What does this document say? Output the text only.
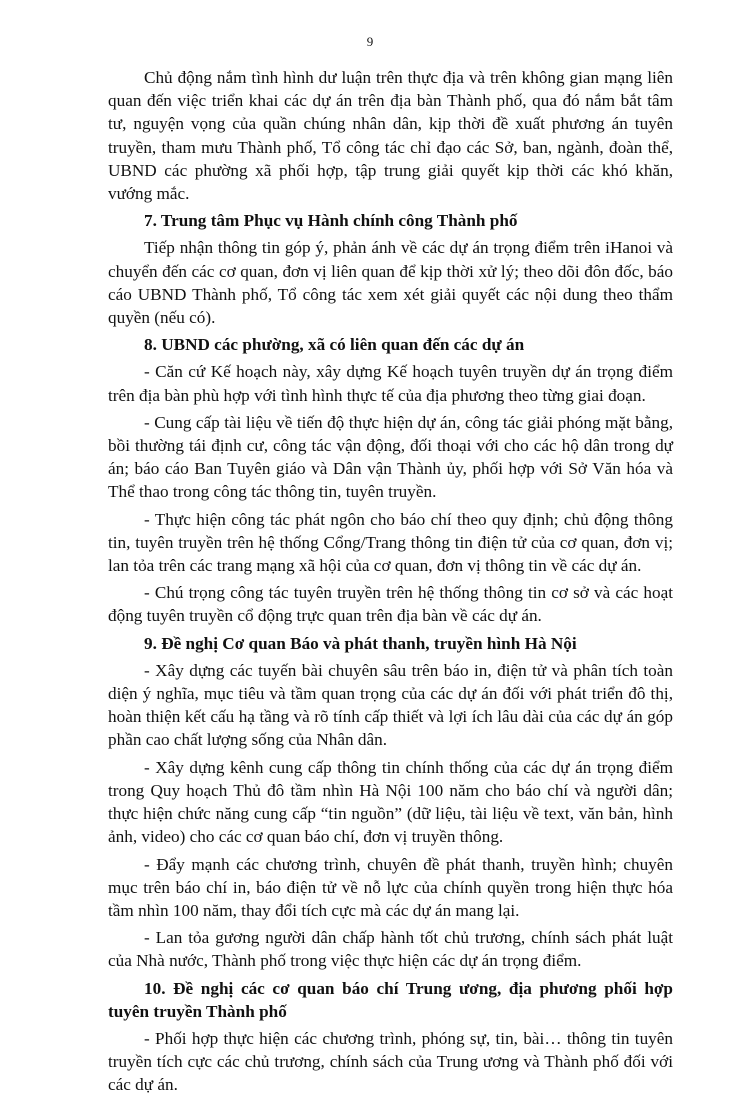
9

Chủ động nắm tình hình dư luận trên thực địa và trên không gian mạng liên quan đến việc triển khai các dự án trên địa bàn Thành phố, qua đó nắm bắt tâm tư, nguyện vọng của quần chúng nhân dân, kịp thời đề xuất phương án tuyên truyền, tham mưu Thành phố, Tổ công tác chỉ đạo các Sở, ban, ngành, đoàn thể, UBND các phường xã phối hợp, tập trung giải quyết kịp thời các khó khăn, vướng mắc.

7. Trung tâm Phục vụ Hành chính công Thành phố

Tiếp nhận thông tin góp ý, phản ánh về các dự án trọng điểm trên iHanoi và chuyển đến các cơ quan, đơn vị liên quan để kịp thời xử lý; theo dõi đôn đốc, báo cáo UBND Thành phố, Tổ công tác xem xét giải quyết các nội dung theo thẩm quyền (nếu có).

8. UBND các phường, xã có liên quan đến các dự án

- Căn cứ Kế hoạch này, xây dựng Kế hoạch tuyên truyền dự án trọng điểm trên địa bàn phù hợp với tình hình thực tế của địa phương theo từng giai đoạn.

- Cung cấp tài liệu về tiến độ thực hiện dự án, công tác giải phóng mặt bằng, bồi thường tái định cư, công tác vận động, đối thoại với cho các hộ dân trong dự án; báo cáo Ban Tuyên giáo và Dân vận Thành ủy, phối hợp với Sở Văn hóa và Thể thao trong công tác thông tin, tuyên truyền.

- Thực hiện công tác phát ngôn cho báo chí theo quy định; chủ động thông tin, tuyên truyền trên hệ thống Cổng/Trang thông tin điện tử của cơ quan, đơn vị; lan tỏa trên các trang mạng xã hội của cơ quan, đơn vị thông tin về các dự án.

- Chú trọng công tác tuyên truyền trên hệ thống thông tin cơ sở và các hoạt động tuyên truyền cổ động trực quan trên địa bàn về các dự án.

9. Đề nghị Cơ quan Báo và phát thanh, truyền hình Hà Nội

- Xây dựng các tuyến bài chuyên sâu trên báo in, điện tử và phân tích toàn diện ý nghĩa, mục tiêu và tầm quan trọng của các dự án đối với phát triển đô thị, hoàn thiện kết cấu hạ tầng và rõ tính cấp thiết và lợi ích lâu dài của các dự án góp phần cao chất lượng sống của Nhân dân.

- Xây dựng kênh cung cấp thông tin chính thống của các dự án trọng điểm trong Quy hoạch Thủ đô tầm nhìn Hà Nội 100 năm cho báo chí và người dân; thực hiện chức năng cung cấp “tin nguồn” (dữ liệu, tài liệu về text, văn bản, hình ảnh, video) cho các cơ quan báo chí, đơn vị truyền thông.

- Đẩy mạnh các chương trình, chuyên đề phát thanh, truyền hình; chuyên mục trên báo chí in, báo điện tử về nỗ lực của chính quyền trong hiện thực hóa tầm nhìn 100 năm, thay đổi tích cực mà các dự án mang lại.

- Lan tỏa gương người dân chấp hành tốt chủ trương, chính sách phát luật của Nhà nước, Thành phố trong việc thực hiện các dự án trọng điểm.

10. Đề nghị các cơ quan báo chí Trung ương, địa phương phối hợp tuyên truyền Thành phố

- Phối hợp thực hiện các chương trình, phóng sự, tin, bài… thông tin tuyên truyền tích cực các chủ trương, chính sách của Trung ương và Thành phố đối với các dự án.
